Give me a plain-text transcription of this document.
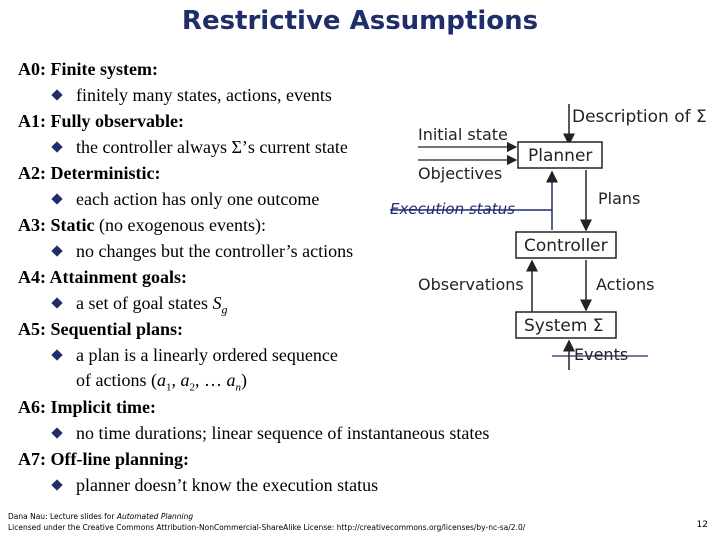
Restrictive Assumptions
A0: Finite system:
finitely many states, actions, events
A1: Fully observable:
the controller always Σ’s current state
A2: Deterministic:
each action has only one outcome
A3: Static (no exogenous events):
no changes but the controller’s actions
A4: Attainment goals:
a set of goal states $S_g$
A5: Sequential plans:
a plan is a linearly ordered sequence
of actions ($a_1$, $a_2$, … $a_n$)
A6: Implicit time:
no time durations; linear sequence of instantaneous states
A7: Off-line planning:
planner doesn’t know the execution status
Description of Σ
Planner
Initial state
Objectives
Execution status
Plans
Controller
Observations	Actions
System Σ
Events
Dana Nau: Lecture slides for Automated Planning
Licensed under the Creative Commons Attribution-NonCommercial-ShareAlike License: http://creativecommons.org/licenses/by-nc-sa/2.0/	12
